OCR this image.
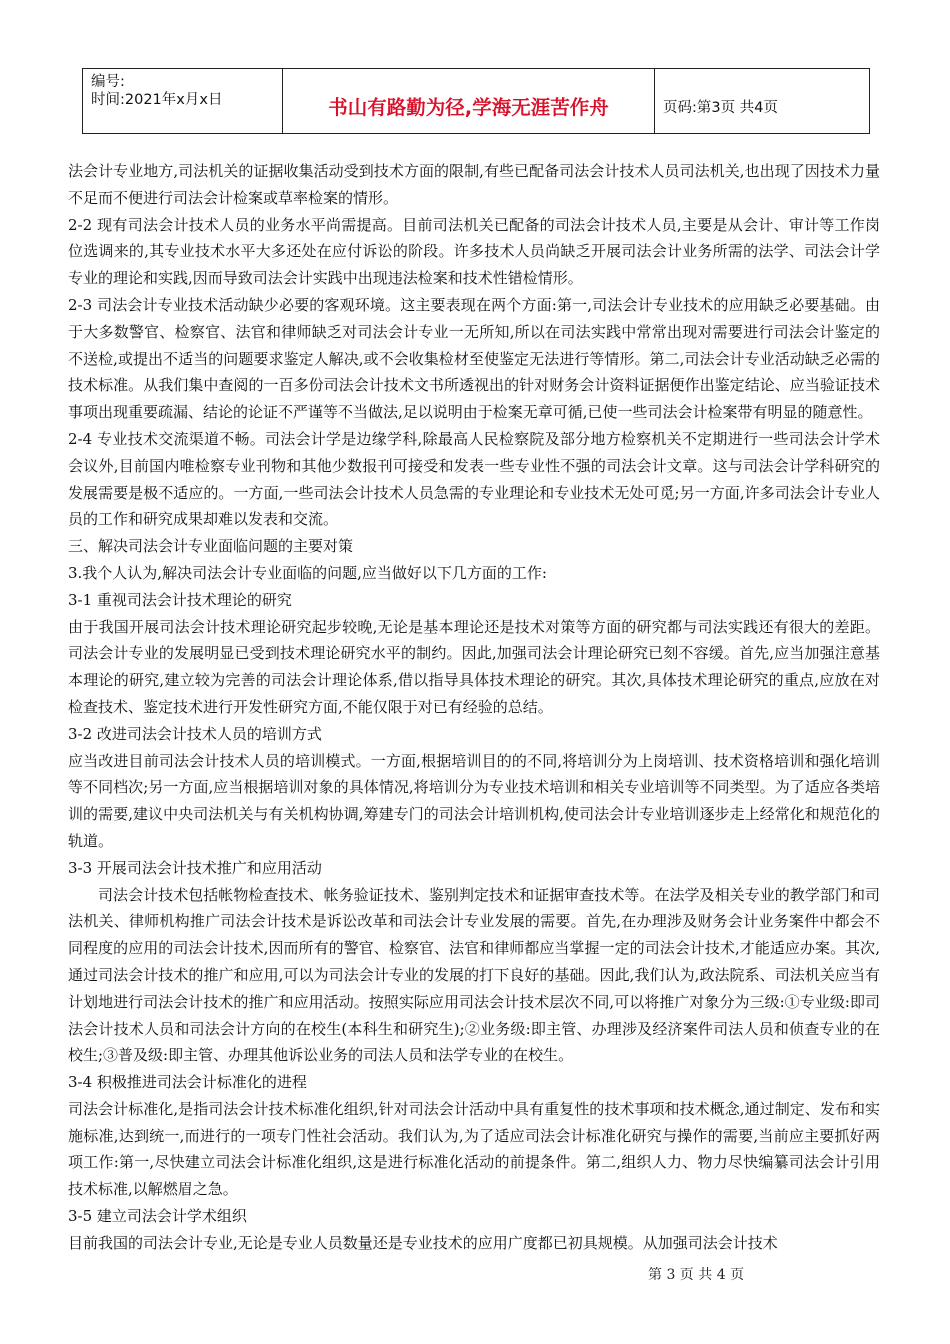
编号:
时间:2021年x月x日	书山有路勤为径,学海无涯苦作舟	页码:第3页 共4页

法会计专业地方,司法机关的证据收集活动受到技术方面的限制,有些已配备司法会计技术人员司法机关,也出现了因技术力量不足而不便进行司法会计检案或草率检案的情形。

2-2 现有司法会计技术人员的业务水平尚需提高。目前司法机关已配备的司法会计技术人员,主要是从会计、审计等工作岗位选调来的,其专业技术水平大多还处在应付诉讼的阶段。许多技术人员尚缺乏开展司法会计业务所需的法学、司法会计学专业的理论和实践,因而导致司法会计实践中出现违法检案和技术性错检情形。

2-3 司法会计专业技术活动缺少必要的客观环境。这主要表现在两个方面:第一,司法会计专业技术的应用缺乏必要基础。由于大多数警官、检察官、法官和律师缺乏对司法会计专业一无所知,所以在司法实践中常常出现对需要进行司法会计鉴定的不送检,或提出不适当的问题要求鉴定人解决,或不会收集检材至使鉴定无法进行等情形。第二,司法会计专业活动缺乏必需的技术标准。从我们集中查阅的一百多份司法会计技术文书所透视出的针对财务会计资料证据便作出鉴定结论、应当验证技术事项出现重要疏漏、结论的论证不严谨等不当做法,足以说明由于检案无章可循,已使一些司法会计检案带有明显的随意性。

2-4 专业技术交流渠道不畅。司法会计学是边缘学科,除最高人民检察院及部分地方检察机关不定期进行一些司法会计学术会议外,目前国内唯检察专业刊物和其他少数报刊可接受和发表一些专业性不强的司法会计文章。这与司法会计学科研究的发展需要是极不适应的。一方面,一些司法会计技术人员急需的专业理论和专业技术无处可觅;另一方面,许多司法会计专业人员的工作和研究成果却难以发表和交流。

三、解决司法会计专业面临问题的主要对策

3.我个人认为,解决司法会计专业面临的问题,应当做好以下几方面的工作:

3-1 重视司法会计技术理论的研究

由于我国开展司法会计技术理论研究起步较晚,无论是基本理论还是技术对策等方面的研究都与司法实践还有很大的差距。司法会计专业的发展明显已受到技术理论研究水平的制约。因此,加强司法会计理论研究已刻不容缓。首先,应当加强注意基本理论的研究,建立较为完善的司法会计理论体系,借以指导具体技术理论的研究。其次,具体技术理论研究的重点,应放在对检查技术、鉴定技术进行开发性研究方面,不能仅限于对已有经验的总结。

3-2 改进司法会计技术人员的培训方式

应当改进目前司法会计技术人员的培训模式。一方面,根据培训目的的不同,将培训分为上岗培训、技术资格培训和强化培训等不同档次;另一方面,应当根据培训对象的具体情况,将培训分为专业技术培训和相关专业培训等不同类型。为了适应各类培训的需要,建议中央司法机关与有关机构协调,筹建专门的司法会计培训机构,使司法会计专业培训逐步走上经常化和规范化的轨道。

3-3 开展司法会计技术推广和应用活动

司法会计技术包括帐物检查技术、帐务验证技术、鉴别判定技术和证据审查技术等。在法学及相关专业的教学部门和司法机关、律师机构推广司法会计技术是诉讼改革和司法会计专业发展的需要。首先,在办理涉及财务会计业务案件中都会不同程度的应用的司法会计技术,因而所有的警官、检察官、法官和律师都应当掌握一定的司法会计技术,才能适应办案。其次,通过司法会计技术的推广和应用,可以为司法会计专业的发展的打下良好的基础。因此,我们认为,政法院系、司法机关应当有计划地进行司法会计技术的推广和应用活动。按照实际应用司法会计技术层次不同,可以将推广对象分为三级:①专业级:即司法会计技术人员和司法会计方向的在校生(本科生和研究生);②业务级:即主管、办理涉及经济案件司法人员和侦查专业的在校生;③普及级:即主管、办理其他诉讼业务的司法人员和法学专业的在校生。

3-4 积极推进司法会计标准化的进程

司法会计标准化,是指司法会计技术标准化组织,针对司法会计活动中具有重复性的技术事项和技术概念,通过制定、发布和实施标准,达到统一,而进行的一项专门性社会活动。我们认为,为了适应司法会计标准化研究与操作的需要,当前应主要抓好两项工作:第一,尽快建立司法会计标准化组织,这是进行标准化活动的前提条件。第二,组织人力、物力尽快编纂司法会计引用技术标准,以解燃眉之急。

3-5 建立司法会计学术组织

目前我国的司法会计专业,无论是专业人员数量还是专业技术的应用广度都已初具规模。从加强司法会计技术

第 3 页 共 4 页
